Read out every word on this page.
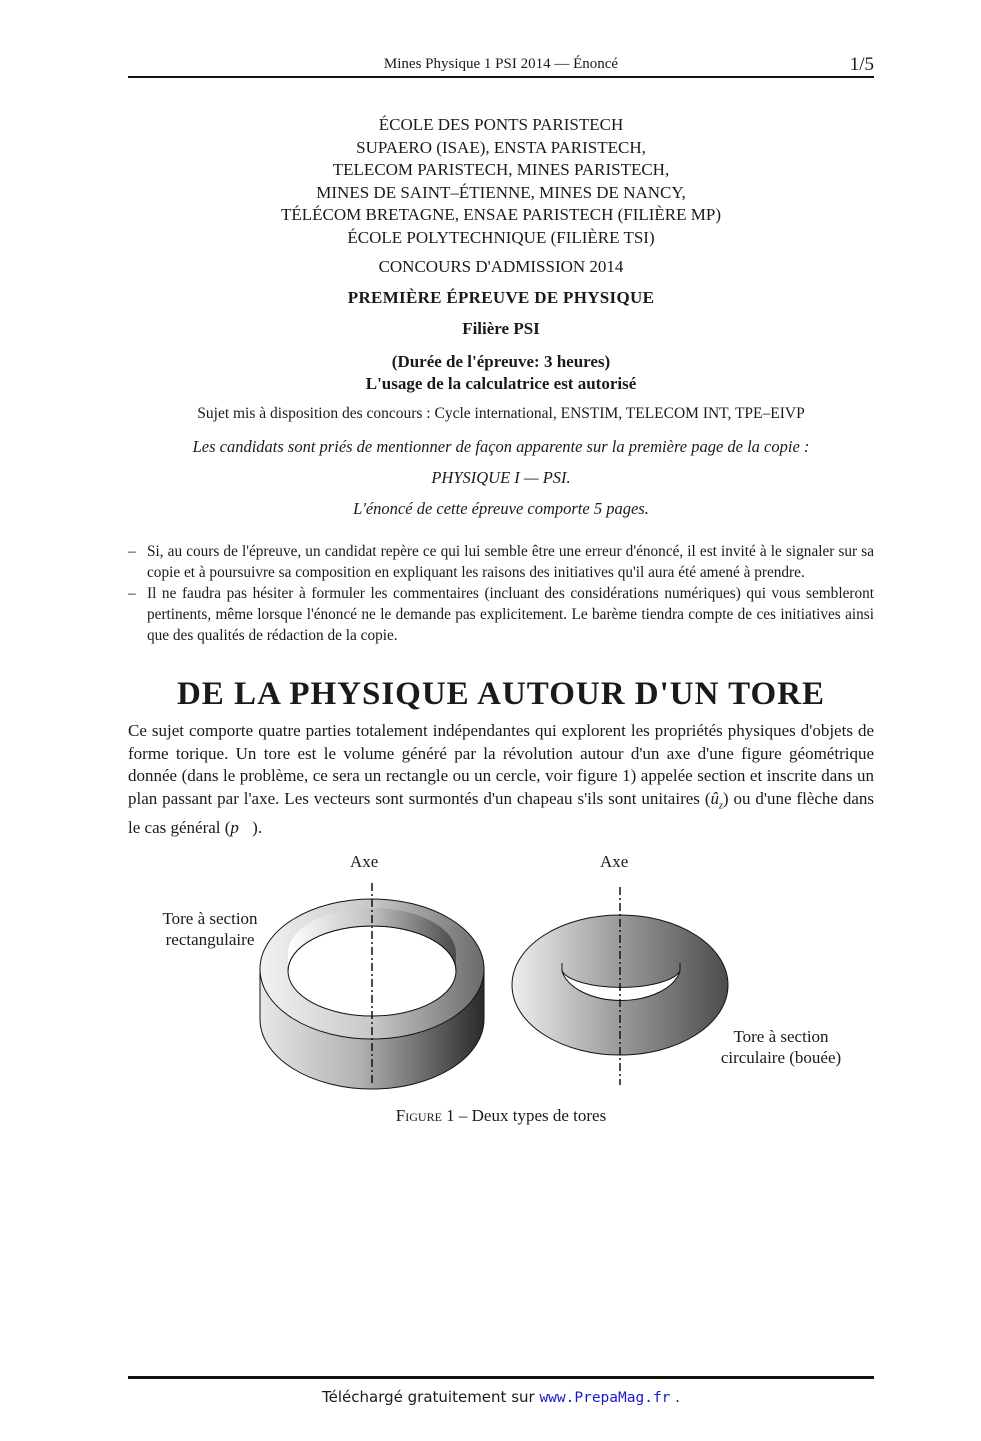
Mines Physique 1 PSI 2014 — Énoncé	1/5
ÉCOLE DES PONTS PARISTECH
SUPAERO (ISAE), ENSTA PARISTECH,
TELECOM PARISTECH, MINES PARISTECH,
MINES DE SAINT–ÉTIENNE, MINES DE NANCY,
TÉLÉCOM BRETAGNE, ENSAE PARISTECH (FILIÈRE MP)
ÉCOLE POLYTECHNIQUE (FILIÈRE TSI)
CONCOURS D'ADMISSION 2014
PREMIÈRE ÉPREUVE DE PHYSIQUE
Filière PSI
(Durée de l'épreuve: 3 heures)
L'usage de la calculatrice est autorisé
Sujet mis à disposition des concours : Cycle international, ENSTIM, TELECOM INT, TPE–EIVP
Les candidats sont priés de mentionner de façon apparente sur la première page de la copie :
PHYSIQUE I — PSI.
L'énoncé de cette épreuve comporte 5 pages.
– Si, au cours de l'épreuve, un candidat repère ce qui lui semble être une erreur d'énoncé, il est invité à le signaler sur sa copie et à poursuivre sa composition en expliquant les raisons des initiatives qu'il aura été amené à prendre.
– Il ne faudra pas hésiter à formuler les commentaires (incluant des considérations numériques) qui vous sembleront pertinents, même lorsque l'énoncé ne le demande pas explicitement. Le barème tiendra compte de ces initiatives ainsi que des qualités de rédaction de la copie.
DE LA PHYSIQUE AUTOUR D'UN TORE
Ce sujet comporte quatre parties totalement indépendantes qui explorent les propriétés physiques d'objets de forme torique. Un tore est le volume généré par la révolution autour d'un axe d'une figure géométrique donnée (dans le problème, ce sera un rectangle ou un cercle, voir figure 1) appelée section et inscrite dans un plan passant par l'axe. Les vecteurs sont surmontés d'un chapeau s'ils sont unitaires $(û_z)$ ou d'une flèche dans le cas général (p⃗).
Axe	Axe
Tore à section
rectangulaire
Tore à section
circulaire (bouée)
Figure 1 – Deux types de tores
Téléchargé gratuitement sur www.PrepaMag.fr .
